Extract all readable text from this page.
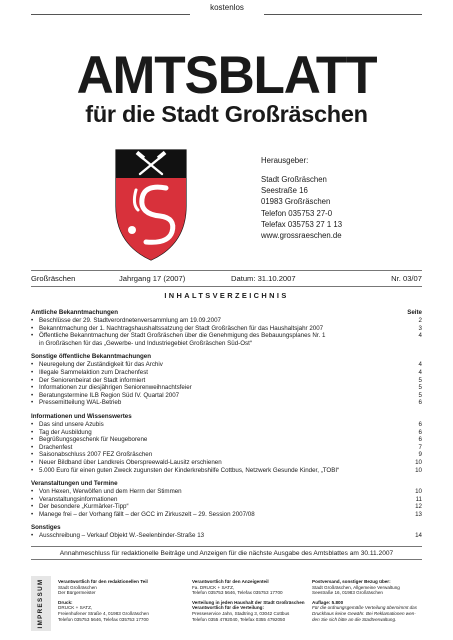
kostenlos
AMTSBLATT
für die Stadt Großräschen
Herausgeber:
Stadt Großräschen
Seestraße 16
01983 Großräschen
Telefon 035753 27-0
Telefax 035753 27 1 13
www.grossraeschen.de
Großräschen	Jahrgang 17 (2007)	Datum: 31.10.2007	Nr. 03/07
INHALTSVERZEICHNIS
Amtliche Bekanntmachungen	Seite
• Beschlüsse der 29. Stadtverordnetenversammlung am 19.09.2007	2
• Bekanntmachung der 1. Nachtragshaushaltssatzung der Stadt Großräschen für das Haushaltsjahr 2007	3
• Öffentliche Bekanntmachung der Stadt Großräschen über die Genehmigung des Bebauungsplanes Nr. 1
in Großräschen für das „Gewerbe- und Industriegebiet Großräschen Süd-Ost“
4
Sonstige öffentliche Bekanntmachungen
• Neuregelung der Zuständigkeit für das Archiv	4
• Illegale Sammelaktion zum Drachenfest	4
• Der Seniorenbeirat der Stadt informiert	5
• Informationen zur diesjährigen Seniorenweihnachtsfeier	5
• Beratungstermine ILB Region Süd IV. Quartal 2007	5
• Pressemitteilung WAL-Betrieb	6
Informationen und Wissenswertes
• Das sind unsere Azubis	6
• Tag der Ausbildung	6
• Begrüßungsgeschenk für Neugeborene	6
• Drachenfest	7
• Saisonabschluss 2007 FEZ Großräschen	9
• Neuer Bildband über Landkreis Oberspreewald-Lausitz erschienen	10
• 5.000 Euro für einen guten Zweck zugunsten der Kinderkrebshilfe Cottbus, Netzwerk Gesunde Kinder, „TOBI“	10
Veranstaltungen und Termine
• Von Hexen, Werwölfen und dem Herrn der Stimmen	10
• Veranstaltungsinformationen	11
• Der besondere „Kurmärker-Tipp“	12
• Manege frei – der Vorhang fällt – der GCC im Zirkuszelt – 29. Session 2007/08	13
Sonstiges
• Ausschreibung – Verkauf Objekt W.-Seelenbinder-Straße 13	14
Annahmeschluss für redaktionelle Beiträge und Anzeigen für die nächste Ausgabe des Amtsblattes am 30.11.2007
IMPRESSUM	Verantwortlich für den redaktionellen Teil
Stadt Großräschen
Der Bürgermeister
Druck:
DRUCK + SATZ,
Freienhufener Straße 4, 01983 Großräschen
Telefon 035753 5646, Telefax 035753 17700
Verantwortlich für den Anzeigenteil
Fa. DRUCK + SATZ,
Telefon 035753 5646, Telefax 035753 17700
Verteilung in jeden Haushalt der Stadt Großräschen
Verantwortlich für die Verteilung:
Presseservice Jahn, Stadtring 3, 03042 Cottbus
Telefon 0355 4792040, Telefax 0355 4792050
Postversand, sonstiger Bezug über:
Stadt Großräschen, Allgemeine Verwaltung
Seestraße 16, 01983 Großräschen
Auflage: 5.800
Für die ordnungsgemäße Verteilung übernimmt das
Druckhaus keine Gewähr. Bei Reklamationen wen-
den Sie sich bitte an die Stadtverwaltung.
